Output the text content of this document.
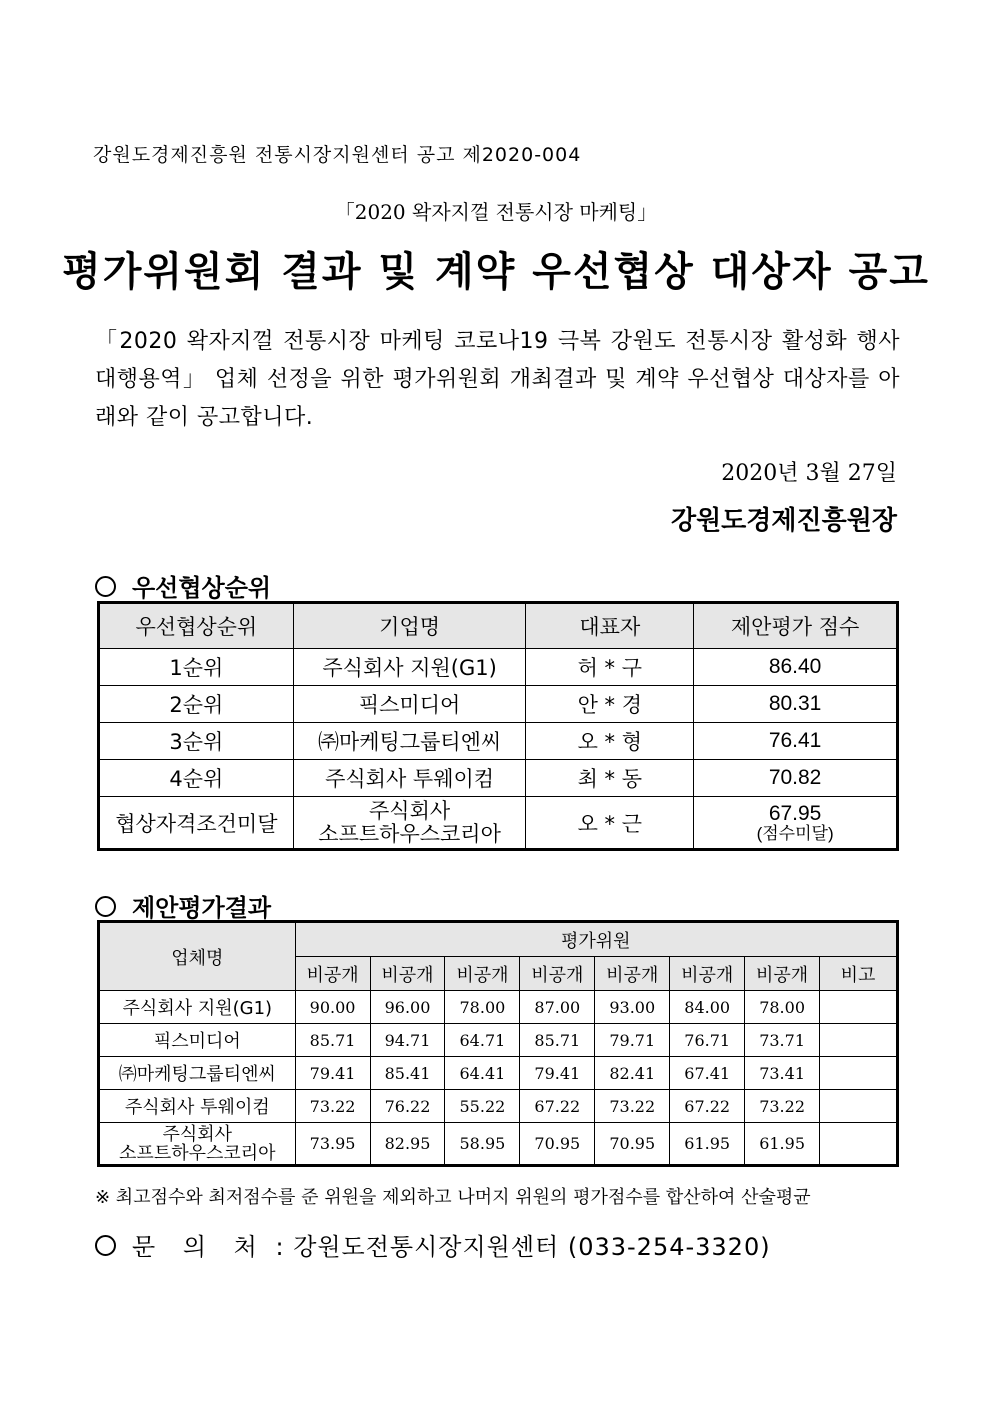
강원도경제진흥원 전통시장지원센터 공고 제2020-004
「2020 왁자지껄 전통시장 마케팅」
평가위원회 결과 및 계약 우선협상 대상자 공고
「2020 왁자지껄 전통시장 마케팅 코로나19 극복 강원도 전통시장 활성화 행사 대행용역」 업체 선정을 위한 평가위원회 개최결과 및 계약 우선협상 대상자를 아래와 같이 공고합니다.
2020년 3월 27일
강원도경제진흥원장
우선협상순위
우선협상순위	기업명	대표자	제안평가 점수
1순위	주식회사 지원(G1)	허 * 구	86.40
2순위	픽스미디어	안 * 경	80.31
3순위	㈜마케팅그룹티엔씨	오 * 형	76.41
4순위	주식회사 투웨이컴	최 * 동	70.82
협상자격조건미달	주식회사
소프트하우스코리아	오 * 근	67.95
(점수미달)
제안평가결과
업체명	평가위원							
	비공개	비공개	비공개	비공개	비공개	비공개	비공개	비고
주식회사 지원(G1)	90.00	96.00	78.00	87.00	93.00	84.00	78.00	
픽스미디어	85.71	94.71	64.71	85.71	79.71	76.71	73.71	
㈜마케팅그룹티엔씨	79.41	85.41	64.41	79.41	82.41	67.41	73.41	
주식회사 투웨이컴	73.22	76.22	55.22	67.22	73.22	67.22	73.22	

주식회사
소프트하우스코리아	73.95	82.95	58.95	70.95	70.95	61.95	61.95	
※ 최고점수와 최저점수를 준 위원을 제외하고 나머지 위원의 평가점수를 합산하여 산술평균
문 의 처 : 강원도전통시장지원센터 (033-254-3320)
